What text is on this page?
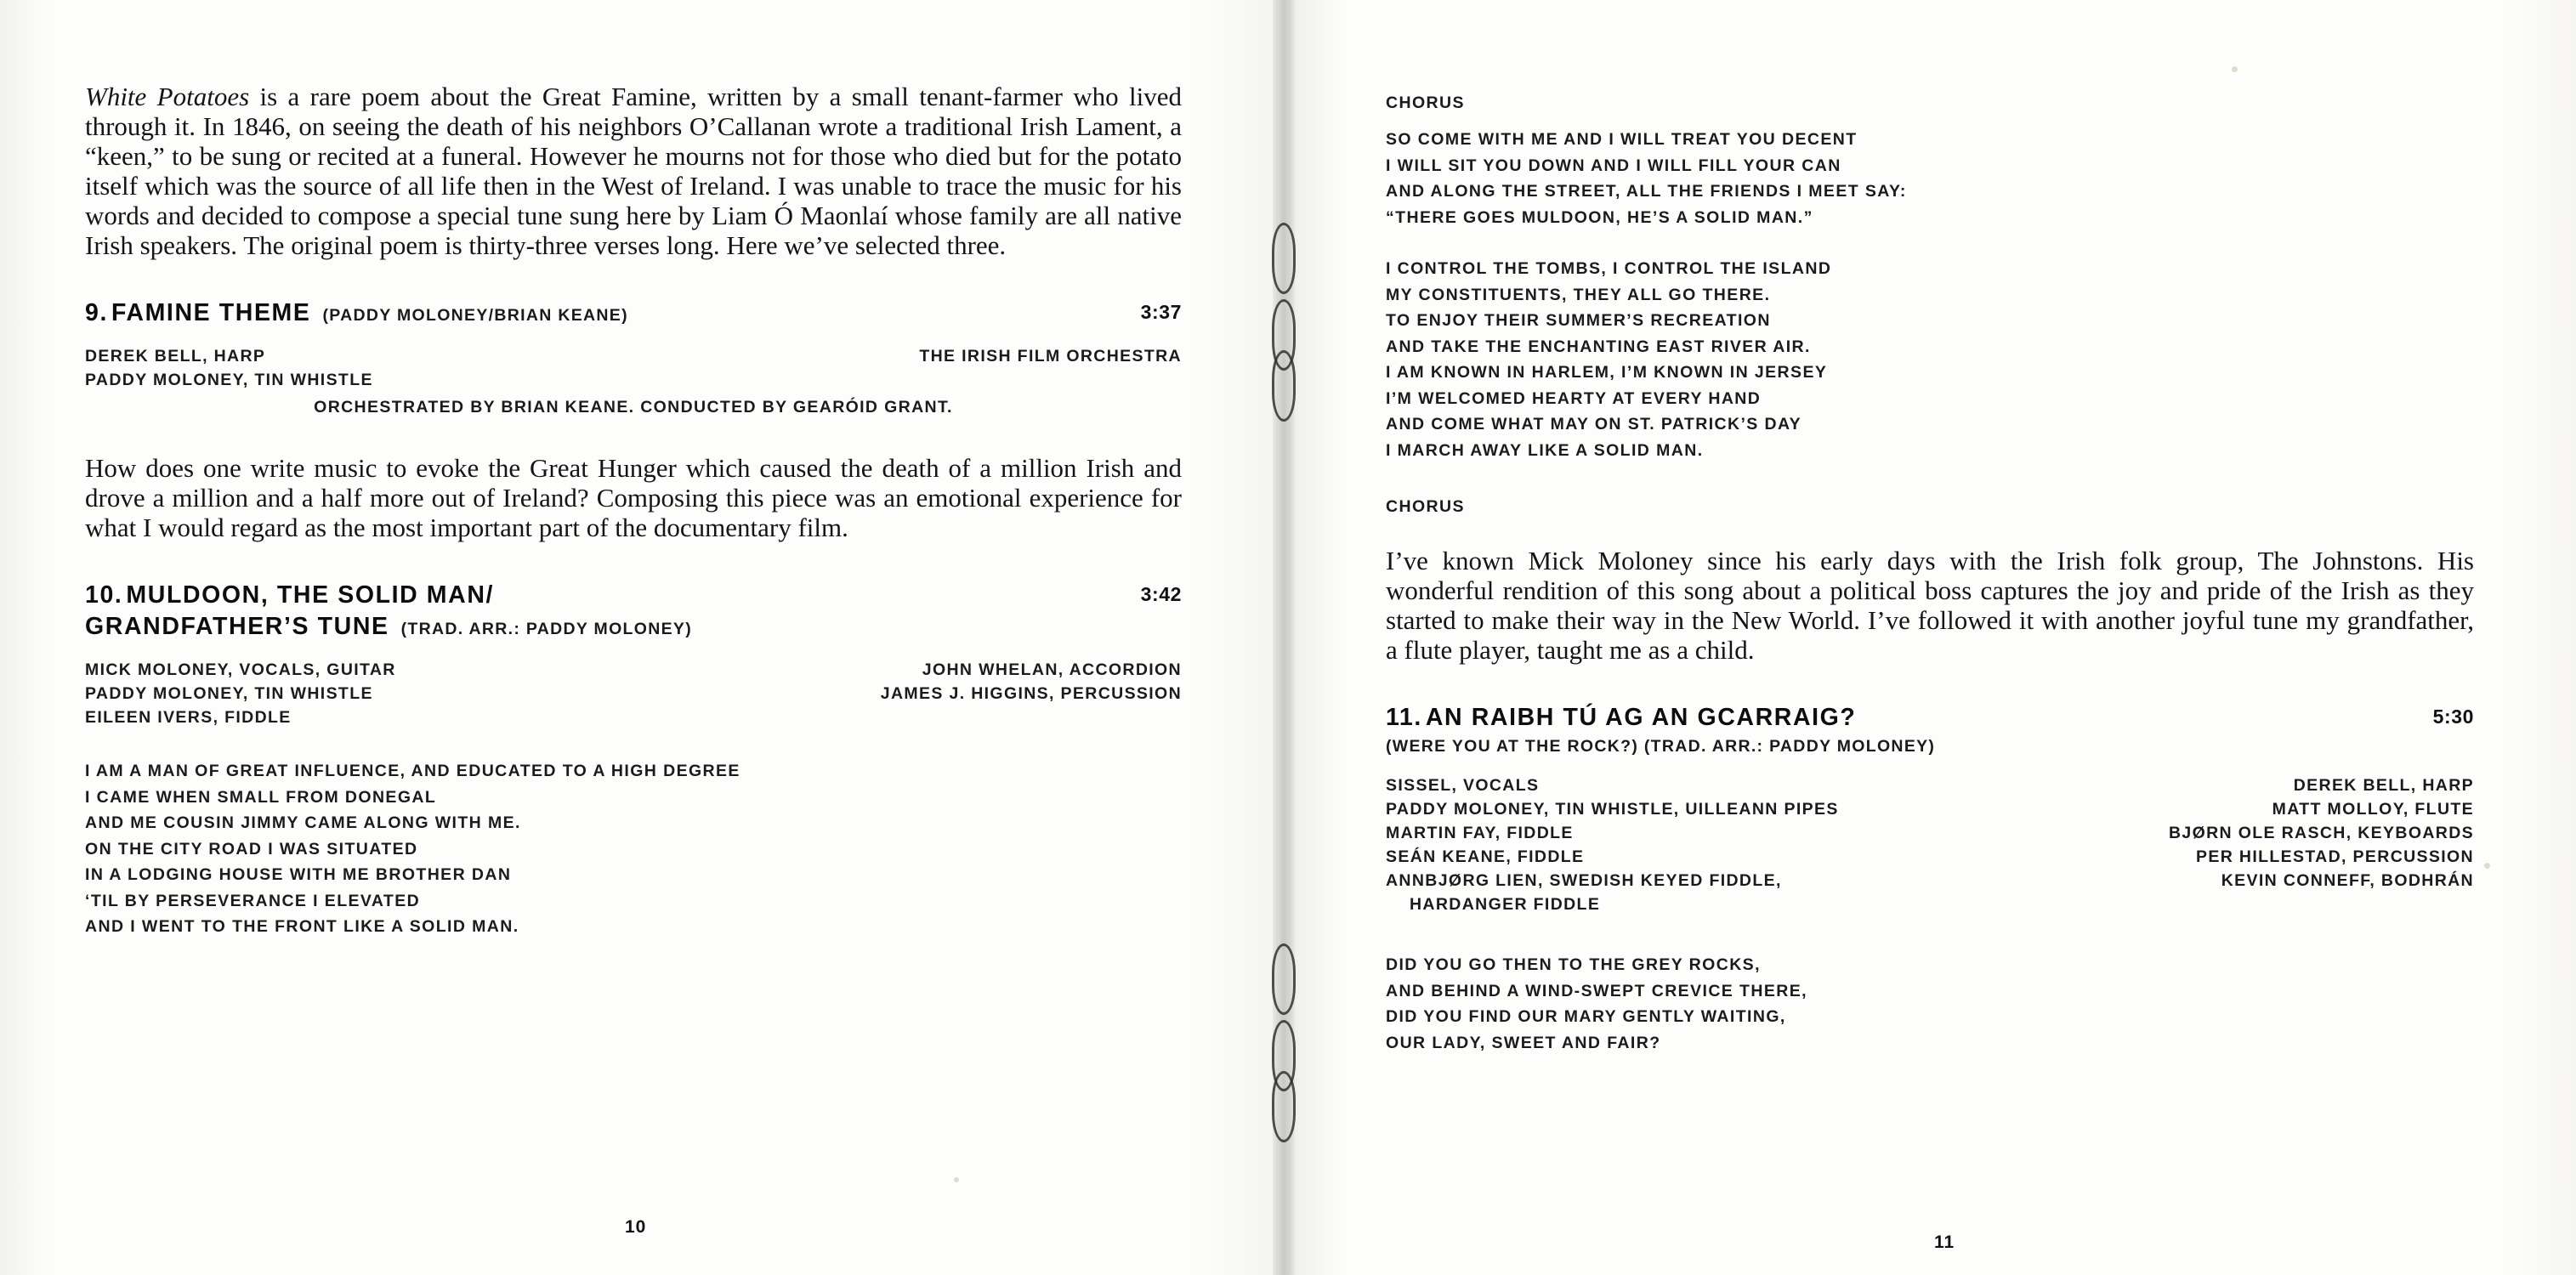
White Potatoes is a rare poem about the Great Famine, written by a small tenant-farmer who lived through it. In 1846, on seeing the death of his neighbors O’Callanan wrote a traditional Irish Lament, a “keen,” to be sung or recited at a funeral. However he mourns not for those who died but for the potato itself which was the source of all life then in the West of Ireland. I was unable to trace the music for his words and decided to compose a special tune sung here by Liam Ó Maonlaí whose family are all native Irish speakers. The original poem is thirty-three verses long. Here we’ve selected three.

9. FAMINE THEME (PADDY MOLONEY/BRIAN KEANE)	3:37
DEREK BELL, HARP	THE IRISH FILM ORCHESTRA
PADDY MOLONEY, TIN WHISTLE
ORCHESTRATED BY BRIAN KEANE. CONDUCTED BY GEARÓID GRANT.

How does one write music to evoke the Great Hunger which caused the death of a million Irish and drove a million and a half more out of Ireland? Composing this piece was an emotional experience for what I would regard as the most important part of the documentary film.

10. MULDOON, THE SOLID MAN/	3:42
GRANDFATHER’S TUNE (TRAD. ARR.: PADDY MOLONEY)
MICK MOLONEY, VOCALS, GUITAR	JOHN WHELAN, ACCORDION
PADDY MOLONEY, TIN WHISTLE	JAMES J. HIGGINS, PERCUSSION
EILEEN IVERS, FIDDLE
I AM A MAN OF GREAT INFLUENCE, AND EDUCATED TO A HIGH DEGREE
I CAME WHEN SMALL FROM DONEGAL
AND ME COUSIN JIMMY CAME ALONG WITH ME.
ON THE CITY ROAD I WAS SITUATED
IN A LODGING HOUSE WITH ME BROTHER DAN
‘TIL BY PERSEVERANCE I ELEVATED
AND I WENT TO THE FRONT LIKE A SOLID MAN.
10
CHORUS
SO COME WITH ME AND I WILL TREAT YOU DECENT
I WILL SIT YOU DOWN AND I WILL FILL YOUR CAN
AND ALONG THE STREET, ALL THE FRIENDS I MEET SAY:
“THERE GOES MULDOON, HE’S A SOLID MAN.”
I CONTROL THE TOMBS, I CONTROL THE ISLAND
MY CONSTITUENTS, THEY ALL GO THERE.
TO ENJOY THEIR SUMMER’S RECREATION
AND TAKE THE ENCHANTING EAST RIVER AIR.
I AM KNOWN IN HARLEM, I’M KNOWN IN JERSEY
I’M WELCOMED HEARTY AT EVERY HAND
AND COME WHAT MAY ON ST. PATRICK’S DAY
I MARCH AWAY LIKE A SOLID MAN.
CHORUS

I’ve known Mick Moloney since his early days with the Irish folk group, The Johnstons. His wonderful rendition of this song about a political boss captures the joy and pride of the Irish as they started to make their way in the New World. I’ve followed it with another joyful tune my grandfather, a flute player, taught me as a child.

11. AN RAIBH TÚ AG AN GCARRAIG?	5:30
(WERE YOU AT THE ROCK?) (TRAD. ARR.: PADDY MOLONEY)
SISSEL, VOCALS	DEREK BELL, HARP
PADDY MOLONEY, TIN WHISTLE, UILLEANN PIPES	MATT MOLLOY, FLUTE
MARTIN FAY, FIDDLE	BJØRN OLE RASCH, KEYBOARDS
SEÁN KEANE, FIDDLE	PER HILLESTAD, PERCUSSION
ANNBJØRG LIEN, SWEDISH KEYED FIDDLE,	KEVIN CONNEFF, BODHRÁN
HARDANGER FIDDLE
DID YOU GO THEN TO THE GREY ROCKS,
AND BEHIND A WIND-SWEPT CREVICE THERE,
DID YOU FIND OUR MARY GENTLY WAITING,
OUR LADY, SWEET AND FAIR?
11
